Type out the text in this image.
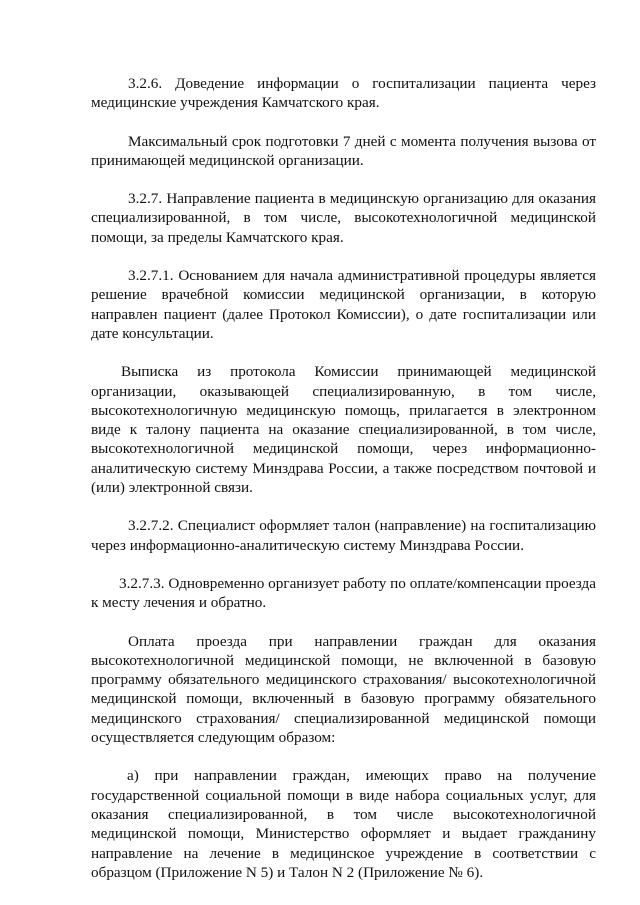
3.2.6. Доведение информации о госпитализации пациента через медицинские учреждения Камчатского края.

Максимальный срок подготовки 7 дней с момента получения вызова от принимающей медицинской организации.

3.2.7. Направление пациента в медицинскую организацию для оказания специализированной, в том числе, высокотехнологичной медицинской помощи, за пределы Камчатского края.

3.2.7.1. Основанием для начала административной процедуры является решение врачебной комиссии медицинской организации, в которую направлен пациент (далее Протокол Комиссии), о дате госпитализации или дате консультации.

Выписка из протокола Комиссии принимающей медицинской организации, оказывающей специализированную, в том числе, высокотехнологичную медицинскую помощь, прилагается в электронном виде к талону пациента на оказание специализированной, в том числе, высокотехнологичной медицинской помощи, через информационно-аналитическую систему Минздрава России, а также посредством почтовой и (или) электронной связи.

3.2.7.2. Специалист оформляет талон (направление) на госпитализацию через информационно-аналитическую систему Минздрава России.

3.2.7.3. Одновременно организует работу по оплате/компенсации проезда к месту лечения и обратно.

Оплата проезда при направлении граждан для оказания высокотехнологичной медицинской помощи, не включенной в базовую программу обязательного медицинского страхования/ высокотехнологичной медицинской помощи, включенный в базовую программу обязательного медицинского страхования/ специализированной медицинской помощи осуществляется следующим образом:

а) при направлении граждан, имеющих право на получение государственной социальной помощи в виде набора социальных услуг, для оказания специализированной, в том числе высокотехнологичной медицинской помощи, Министерство оформляет и выдает гражданину направление на лечение в медицинское учреждение в соответствии с образцом (Приложение N 5) и Талон N 2 (Приложение № 6).
